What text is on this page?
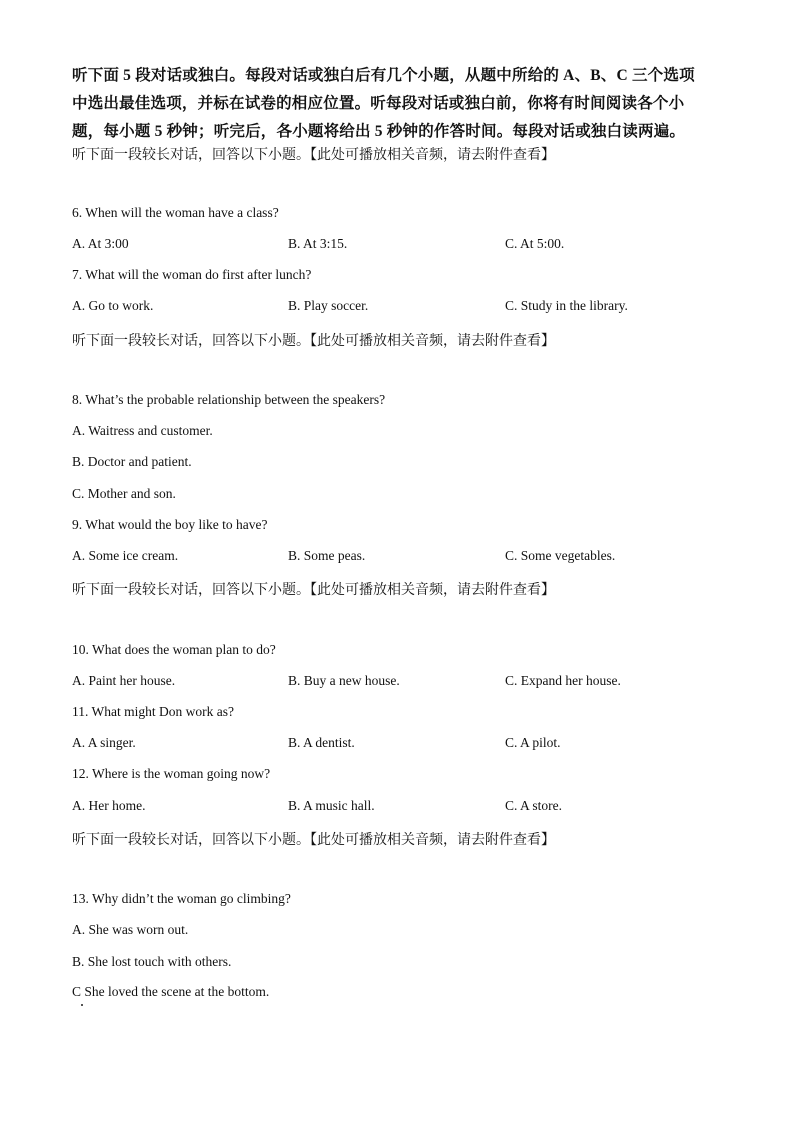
听下面 5 段对话或独白。每段对话或独白后有几个小题，从题中所给的 A、B、C 三个选项
中选出最佳选项，并标在试卷的相应位置。听每段对话或独白前，你将有时间阅读各个小
题，每小题 5 秒钟；听完后，各小题将给出 5 秒钟的作答时间。每段对话或独白读两遍。
听下面一段较长对话，回答以下小题。【此处可播放相关音频，请去附件查看】
6. When will the woman have a class?
A. At 3:00	B. At 3:15.	C. At 5:00.
7. What will the woman do first after lunch?
A. Go to work.	B. Play soccer.	C. Study in the library.
听下面一段较长对话，回答以下小题。【此处可播放相关音频，请去附件查看】
8. What’s the probable relationship between the speakers?
A. Waitress and customer.
B. Doctor and patient.
C. Mother and son.
9. What would the boy like to have?
A. Some ice cream.	B. Some peas.	C. Some vegetables.
听下面一段较长对话，回答以下小题。【此处可播放相关音频，请去附件查看】
10. What does the woman plan to do?
A. Paint her house.	B. Buy a new house.	C. Expand her house.
11. What might Don work as?
A. A singer.	B. A dentist.	C. A pilot.
12. Where is the woman going now?
A. Her home.	B. A music hall.	C. A store.
听下面一段较长对话，回答以下小题。【此处可播放相关音频，请去附件查看】
13. Why didn’t the woman go climbing?
A. She was worn out.
B. She lost touch with others.
C She loved the scene at the bottom.
